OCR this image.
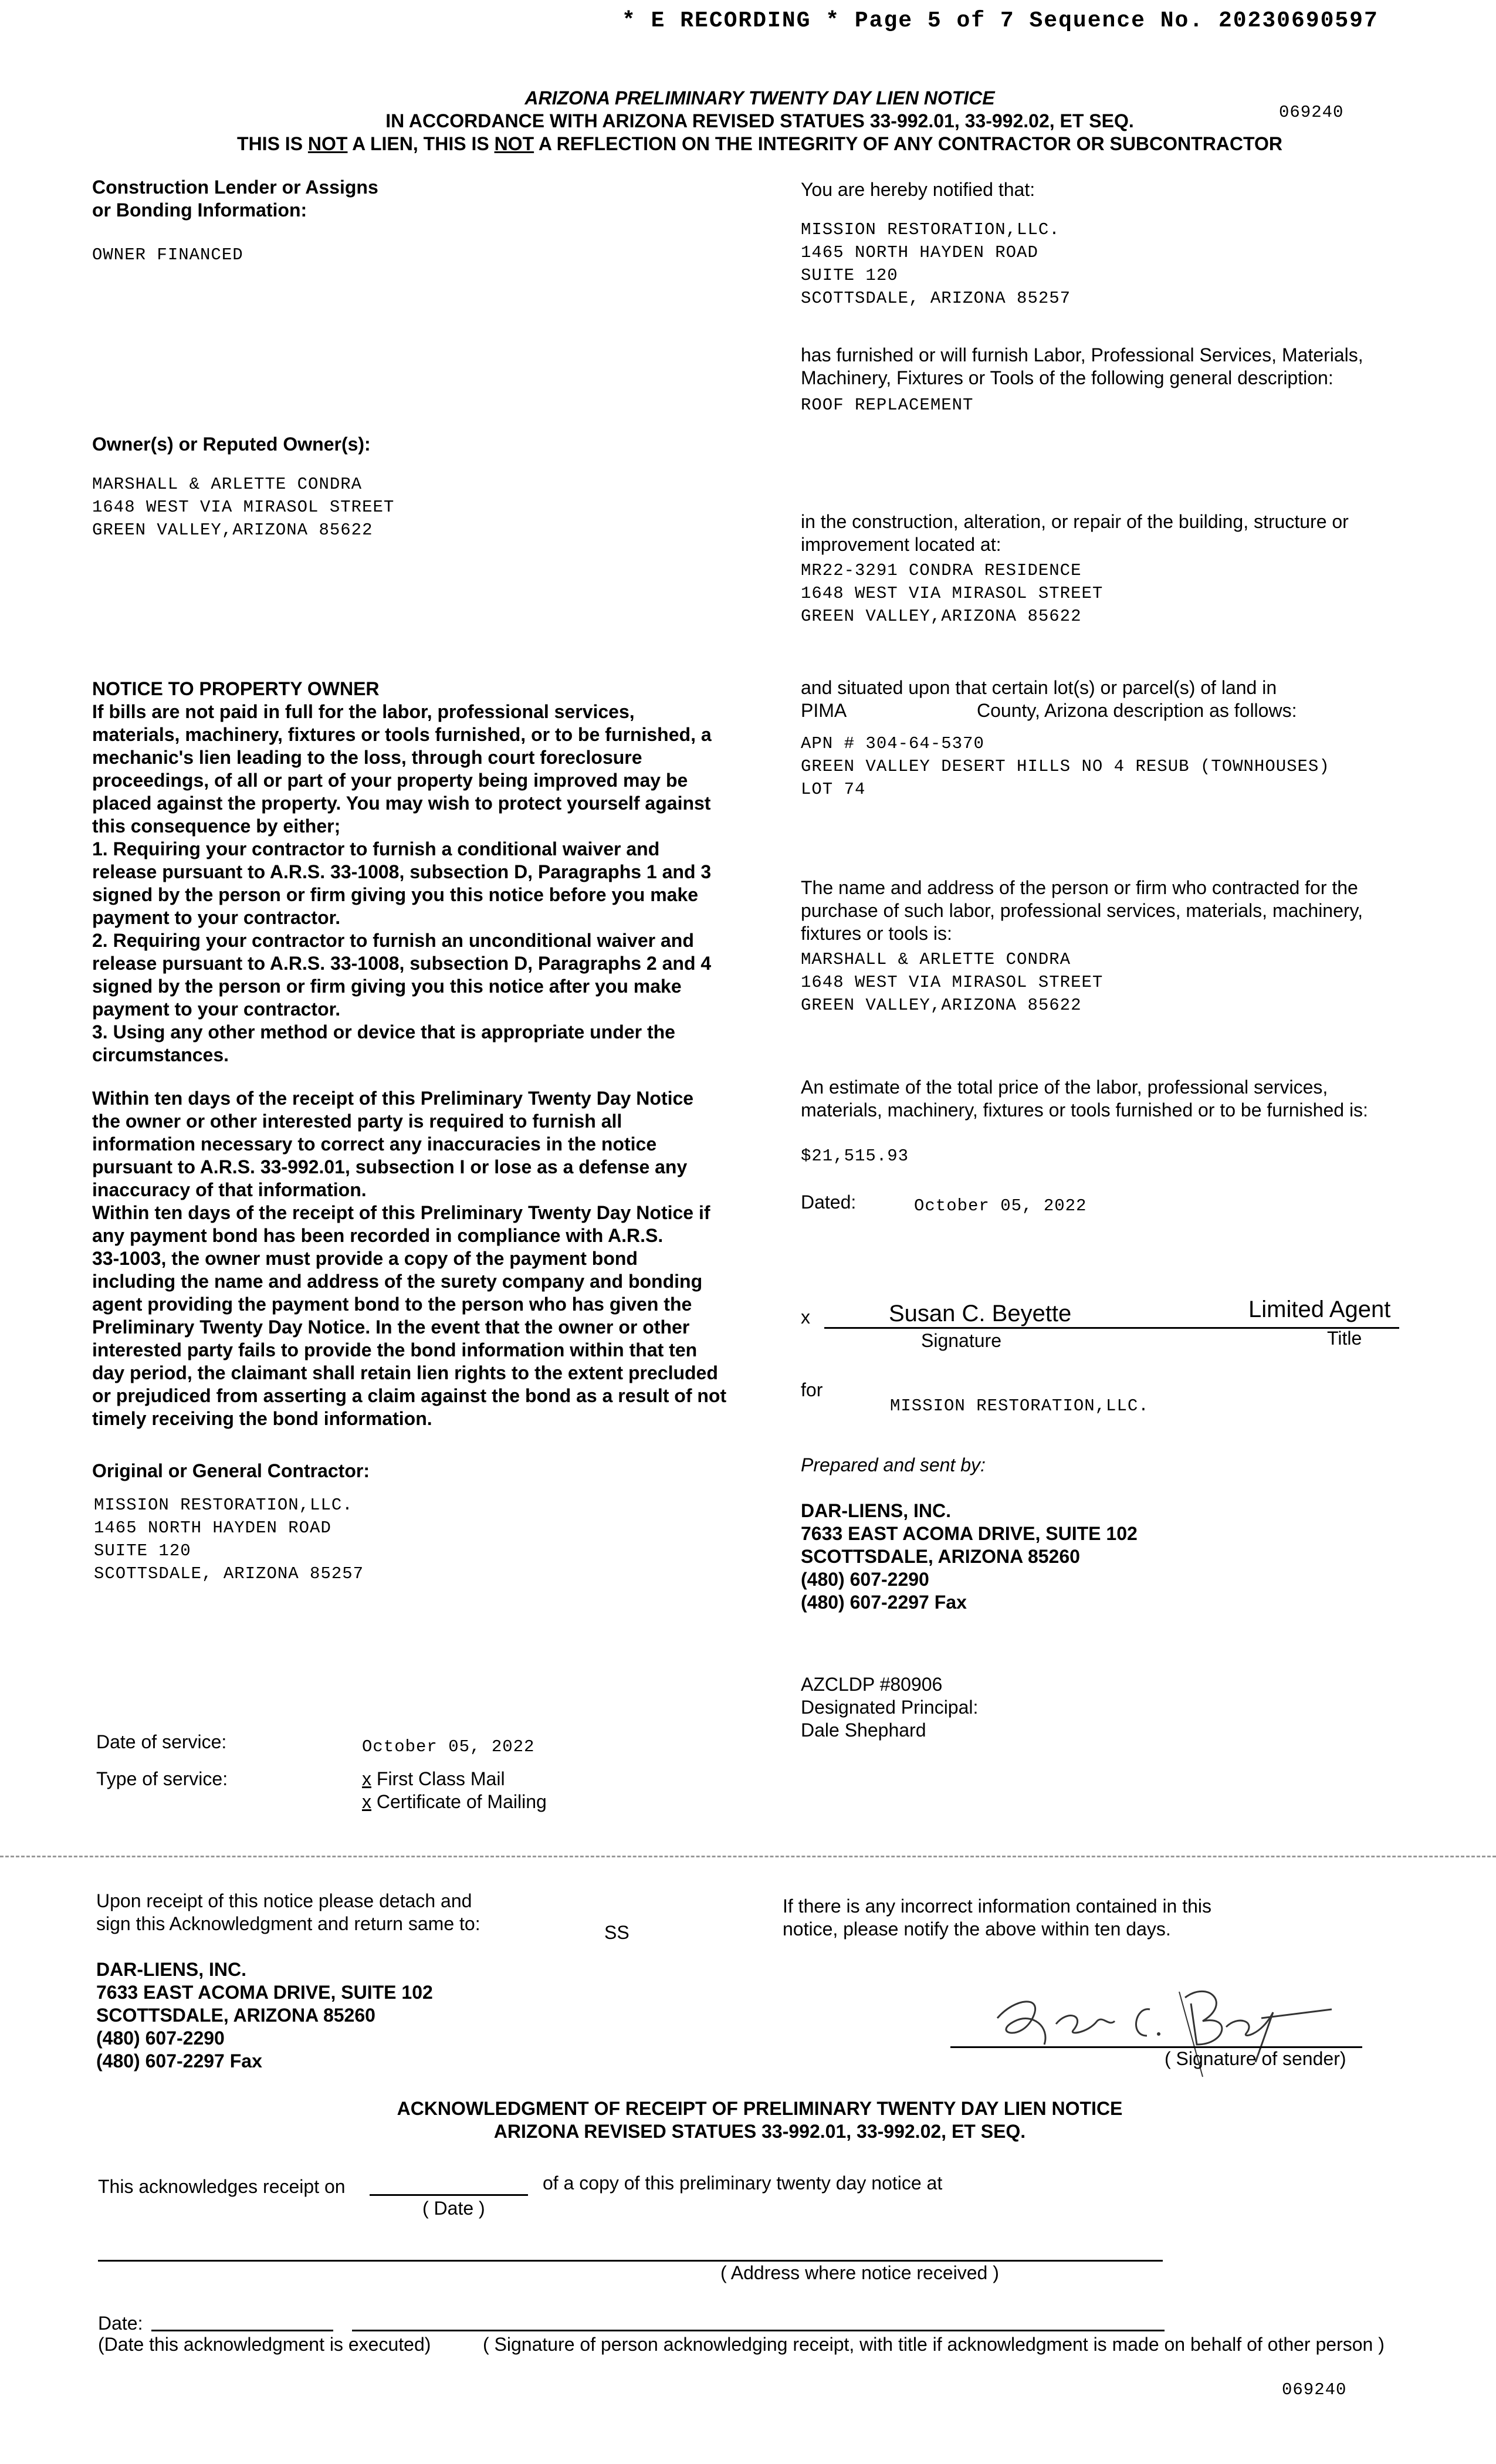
* E RECORDING * Page 5 of 7 Sequence No. 20230690597
ARIZONA PRELIMINARY TWENTY DAY LIEN NOTICE
IN ACCORDANCE WITH ARIZONA REVISED STATUES 33-992.01, 33-992.02, ET SEQ.
THIS IS NOT A LIEN, THIS IS NOT A REFLECTION ON THE INTEGRITY OF ANY CONTRACTOR OR SUBCONTRACTOR
069240
Construction Lender or Assigns
or Bonding Information:
OWNER FINANCED
Owner(s) or Reputed Owner(s):
MARSHALL & ARLETTE CONDRA
1648 WEST VIA MIRASOL STREET
GREEN VALLEY,ARIZONA 85622
NOTICE TO PROPERTY OWNER
If bills are not paid in full for the labor, professional services,
materials, machinery, fixtures or tools furnished, or to be furnished, a
mechanic's lien leading to the loss, through court foreclosure
proceedings, of all or part of your property being improved may be
placed against the property. You may wish to protect yourself against
this consequence by either;
1. Requiring your contractor to furnish a conditional waiver and
release pursuant to A.R.S. 33-1008, subsection D, Paragraphs 1 and 3
signed by the person or firm giving you this notice before you make
payment to your contractor.
2. Requiring your contractor to furnish an unconditional waiver and
release pursuant to A.R.S. 33-1008, subsection D, Paragraphs 2 and 4
signed by the person or firm giving you this notice after you make
payment to your contractor.
3. Using any other method or device that is appropriate under the
circumstances.
Within ten days of the receipt of this Preliminary Twenty Day Notice
the owner or other interested party is required to furnish all
information necessary to correct any inaccuracies in the notice
pursuant to A.R.S. 33-992.01, subsection I or lose as a defense any
inaccuracy of that information.
Within ten days of the receipt of this Preliminary Twenty Day Notice if
any payment bond has been recorded in compliance with A.R.S.
33-1003, the owner must provide a copy of the payment bond
including the name and address of the surety company and bonding
agent providing the payment bond to the person who has given the
Preliminary Twenty Day Notice. In the event that the owner or other
interested party fails to provide the bond information within that ten
day period, the claimant shall retain lien rights to the extent precluded
or prejudiced from asserting a claim against the bond as a result of not
timely receiving the bond information.
Original or General Contractor:
MISSION RESTORATION,LLC.
1465 NORTH HAYDEN ROAD
SUITE 120
SCOTTSDALE, ARIZONA 85257
Date of service:	October 05, 2022
Type of service:	x First Class Mail
x Certificate of Mailing
You are hereby notified that:
MISSION RESTORATION,LLC.
1465 NORTH HAYDEN ROAD
SUITE 120
SCOTTSDALE, ARIZONA 85257
has furnished or will furnish Labor, Professional Services, Materials, Machinery, Fixtures or Tools of the following general description:
ROOF REPLACEMENT
in the construction, alteration, or repair of the building, structure or improvement located at:
MR22-3291 CONDRA RESIDENCE
1648 WEST VIA MIRASOL STREET
GREEN VALLEY,ARIZONA 85622
and situated upon that certain lot(s) or parcel(s) of land in
PIMA	County, Arizona description as follows:
APN # 304-64-5370
GREEN VALLEY DESERT HILLS NO 4 RESUB (TOWNHOUSES)
LOT 74
The name and address of the person or firm who contracted for the purchase of such labor, professional services, materials, machinery, fixtures or tools is:
MARSHALL & ARLETTE CONDRA
1648 WEST VIA MIRASOL STREET
GREEN VALLEY,ARIZONA 85622
An estimate of the total price of the labor, professional services, materials, machinery, fixtures or tools furnished or to be furnished is:
$21,515.93
Dated:	October 05, 2022
x	Susan C. Beyette	Limited Agent
Signature	Title
for
MISSION RESTORATION,LLC.
Prepared and sent by:
DAR-LIENS, INC.
7633 EAST ACOMA DRIVE, SUITE 102
SCOTTSDALE, ARIZONA 85260
(480) 607-2290
(480) 607-2297 Fax
AZCLDP #80906
Designated Principal:
Dale Shephard
Upon receipt of this notice please detach and
sign this Acknowledgment and return same to:	SS
If there is any incorrect information contained in this
notice, please notify the above within ten days.
DAR-LIENS, INC.
7633 EAST ACOMA DRIVE, SUITE 102
SCOTTSDALE, ARIZONA 85260
(480) 607-2290
(480) 607-2297 Fax	( Signature of sender)
ACKNOWLEDGMENT OF RECEIPT OF PRELIMINARY TWENTY DAY LIEN NOTICE
ARIZONA REVISED STATUES 33-992.01, 33-992.02, ET SEQ.
This acknowledges receipt on	of a copy of this preliminary twenty day notice at
( Date )
( Address where notice received )
Date:
(Date this acknowledgment is executed)	( Signature of person acknowledging receipt, with title if acknowledgment is made on behalf of other person )
069240
